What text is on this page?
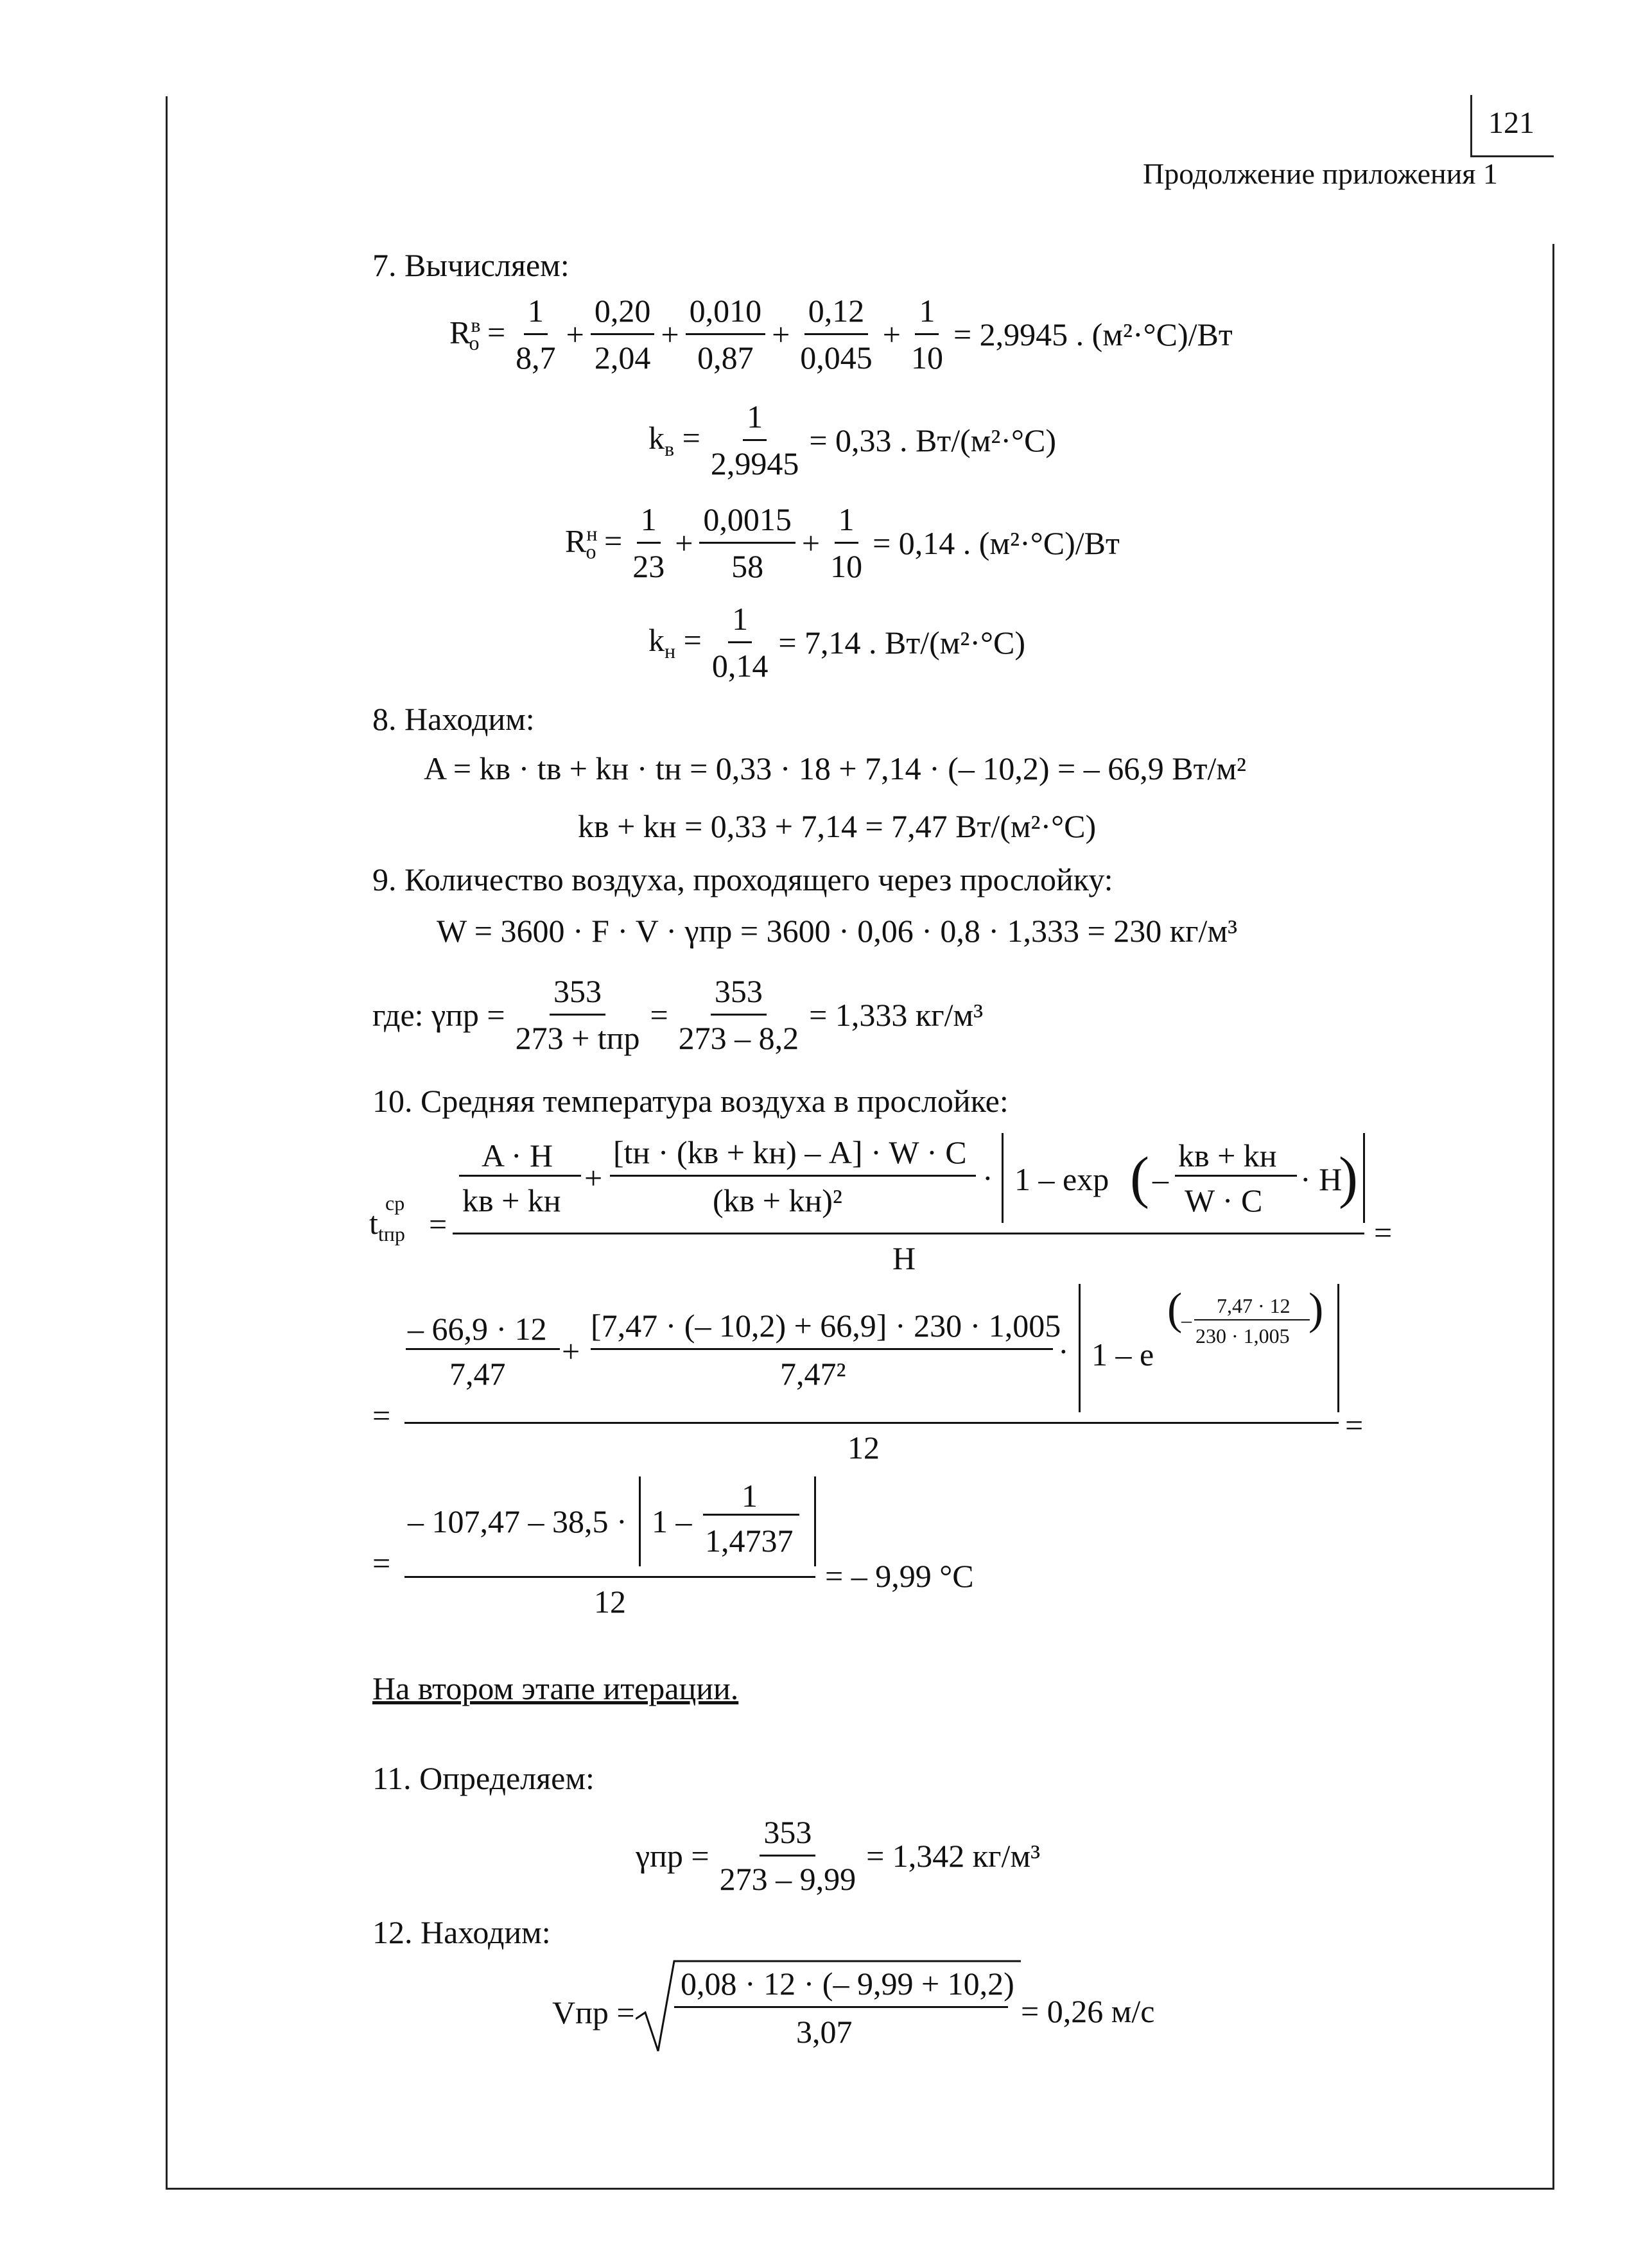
121
Продолжение приложения 1
7. Вычисляем:
$R^в_о = \frac{1}{8,7} + \frac{0,20}{2,04} + \frac{0,010}{0,87} + \frac{0,12}{0,045} + \frac{1}{10} = 2,9945$ . (м²·°С)/Вт
$k_в = \frac{1}{2,9945} = 0,33$ . Вт/(м²·°С)
$R^н_о = \frac{1}{23} + \frac{0,0015}{58} + \frac{1}{10} = 0,14$ . (м²·°С)/Вт
$k_н = \frac{1}{0,14} = 7,14$ . Вт/(м²·°С)
8. Находим:
A = kв · tв + kн · tн = 0,33 · 18 + 7,14 · (– 10,2) = – 66,9 Вт/м²
kв + kн = 0,33 + 7,14 = 7,47 Вт/(м²·°С)
9. Количество воздуха, проходящего через прослойку:
W = 3600 · F · V · γпр = 3600 · 0,06 · 0,8 · 1,333 = 230 кг/м³
где: $\gamma пр = \frac{353}{\text{273 + tпр}} = \frac{353}{273 - 8,2} = 1,333$ кг/м³
10. Средняя температура воздуха в прослойке:
$t_{tпр}$
ср
=
A · H
kв + kн
+
[tн · (kв + kн) – A] · W · C
(kв + kн)²
· 1 – exp ( –
kв + kн
W · C
· H
)
H
=
=
– 66,9 · 12
7,47
+
[7,47 · (– 10,2) + 66,9] · 230 · 1,005
7,47²
· 1 – e
(
–
7,47 · 12
230 · 1,005
)
12
=
=
– 107,47 – 38,5 · 1 –
1
1,4737
12
= – 9,99 °C
На втором этапе итерации.
11. Определяем:
$\gamma пр = \frac{353}{273 - 9,99} = 1,342$ кг/м³
12. Находим:
Vпр =
0,08 · 12 · (– 9,99 + 10,2)
3,07
= 0,26 м/с
